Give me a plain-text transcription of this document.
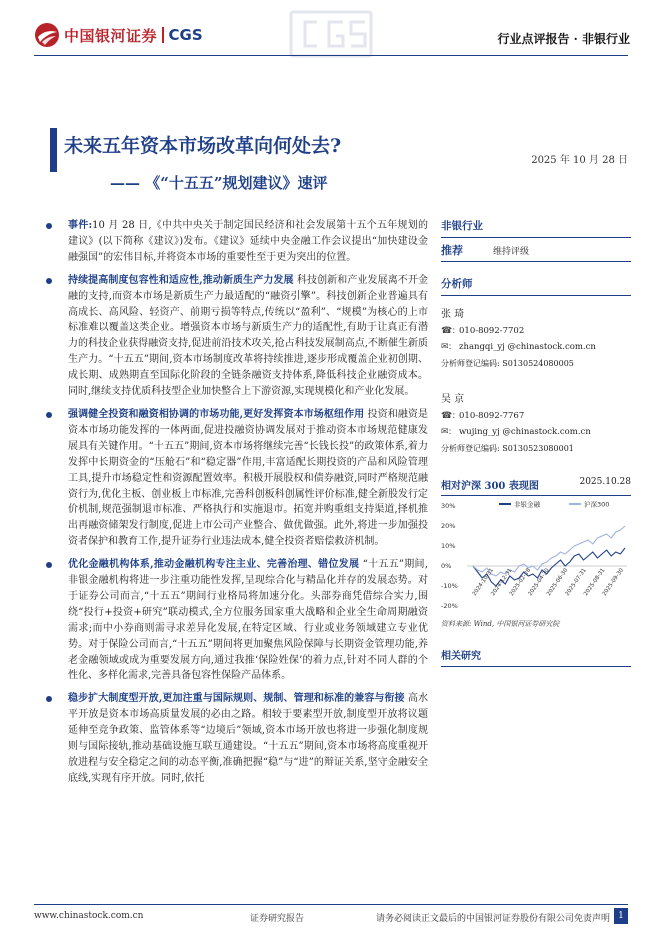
中国银河证券 CGS	行业点评报告 · 非银行业
未来五年资本市场改革向何处去?
2025 年 10 月 28 日
—— 《“十五五”规划建议》速评
事件:10 月 28 日,《中共中央关于制定国民经济和社会发展第十五个五年规划的建议》(以下简称《建议》)发布。《建议》延续中央金融工作会议提出“加快建设金融强国”的宏伟目标,并将资本市场的重要性至于更为突出的位置。
持续提高制度包容性和适应性,推动新质生产力发展 科技创新和产业发展离不开金融的支持,而资本市场是新质生产力最适配的“融资引擎”。科技创新企业普遍具有高成长、高风险、轻资产、前期亏损等特点,传统以“盈利”、“规模”为核心的上市标准难以覆盖这类企业。增强资本市场与新质生产力的适配性,有助于让真正有潜力的科技企业获得融资支持,促进前沿技术攻关,抢占科技发展制高点,不断催生新质生产力。“十五五”期间,资本市场制度改革将持续推进,逐步形成覆盖企业初创期、成长期、成熟期直至国际化阶段的全链条融资支持体系,降低科技企业融资成本。同时,继续支持优质科技型企业加快整合上下游资源,实现规模化和产业化发展。
强调健全投资和融资相协调的市场功能,更好发挥资本市场枢纽作用 投资和融资是资本市场功能发挥的一体两面,促进投融资协调发展对于推动资本市场规范健康发展具有关键作用。“十五五”期间,资本市场将继续完善“长钱长投”的政策体系,着力发挥中长期资金的“压舱石”和“稳定器”作用,丰富适配长期投资的产品和风险管理工具,提升市场稳定性和资源配置效率。积极开展股权和债券融资,同时严格规范融资行为,优化主板、创业板上市标准,完善科创板科创属性评价标准,健全新股发行定价机制,规范强制退市标准、严格执行和实施退市。拓宽并购重组支持渠道,择机推出再融资储架发行制度,促进上市公司产业整合、做优做强。此外,将进一步加强投资者保护和教育工作,提升证券行业违法成本,健全投资者赔偿救济机制。
优化金融机构体系,推动金融机构专注主业、完善治理、错位发展 “十五五”期间,非银金融机构将进一步注重功能性发挥,呈现综合化与精品化并存的发展态势。对于证券公司而言,“十五五”期间行业格局将加速分化。头部券商凭借综合实力,围绕“投行+投资+研究”联动模式,全方位服务国家重大战略和企业全生命周期融资需求;而中小券商则需寻求差异化发展,在特定区域、行业或业务领域建立专业优势。对于保险公司而言,“十五五”期间将更加聚焦风险保障与长期资金管理功能,养老金融领域或成为重要发展方向,通过我推‘保险姓保’的着力点,针对不同人群的个性化、多样化需求,完善具备包容性保险产品体系。
稳步扩大制度型开放,更加注重与国际规则、规制、管理和标准的兼容与衔接 高水平开放是资本市场高质量发展的必由之路。相较于要素型开放,制度型开放将议题延伸至竞争政策、监管体系等“边境后”领域,资本市场开放也将进一步强化制度规则与国际接轨,推动基础设施互联互通建设。“十五五”期间,资本市场将高度重视开放进程与安全稳定之间的动态平衡,准确把握“稳”与“进”的辩证关系,坚守金融安全底线,实现有序开放。同时,依托
非银行业
推荐	维持评级
分析师
张 琦
☎: 010-8092-7702
✉: zhangqi_yj @chinastock.com.cn
分析师登记编码: S0130524080005
吴 京
☎: 010-8092-7767
✉: wujing_yj @chinastock.com.cn
分析师登记编码: S0130523080001
相对沪深 300 表现图	2025.10.28
30%
20%
10%
0%
-10%
-20%
非银金融	沪深300
2024-10-31
2024-12-31
2025-02-28
2025-04-30
2025-06-30
2025-07-31
2025-08-31
2025-09-30
资料来源: Wind, 中国银河证券研究院
相关研究
www.chinastock.com.cn	证券研究报告	请务必阅读正文最后的中国银河证券股份有限公司免责声明 1
